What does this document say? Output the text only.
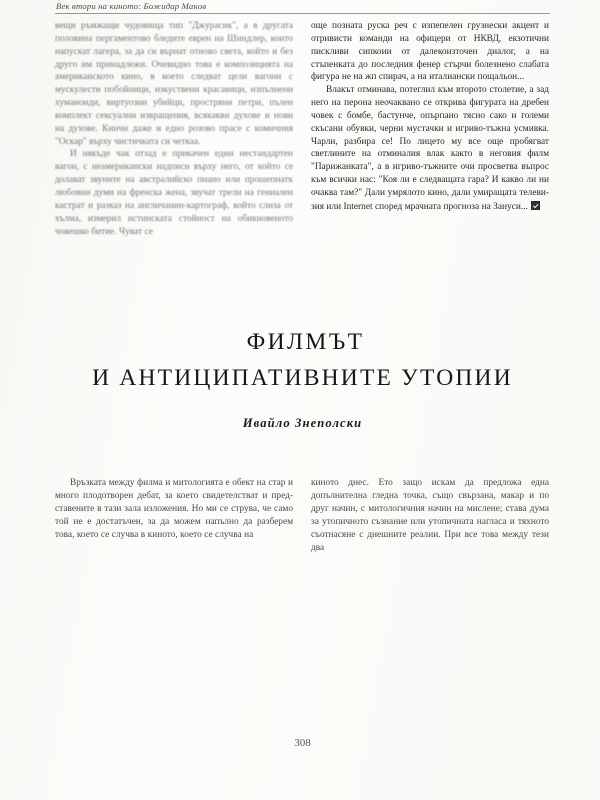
Век втори на киното: Божидар Манов

вещи ръмжащи чудовища тип "Джурасик", а в другата половина пергаментово бледите еврен на Шиндлер, които напускат лагера, за да си върнат отново света, който и без друго им принадлежи. Очевидно това е композицията на американското кино, в което следват цели вагони с мускулести побойници, изкуствени красавици, изпълнени хуманоиди, виртуозни убийци, простряни петри, пълен комплект сексуални извращения, всякакви духове и нови на духове. Кинчи даже и едно розово прасе с комичния "Оскар" върху чистичката си четкаа.

И някъде чак отзад е прикачен един нестандартен вагон, с неамерикански надписи върху него, от който се долават звуните на австралийско пиано или прошепнатк любовни думи на френска жена, звучат трели на гениален кастрат и разказ на англичанин-картограф, който слиза от хълма, измерил истинската стойност на обикновеното човешко битие. Чуват се

още позната руска реч с изпепелен грузнески акцент и отривисти команди на офицери от НКВД, екзотични пискливи сипкоии от далекоизточен диалог, а на стъпенката до последния фенер стърчи болезнено слабата фигура не на жп спирач, а на италиански пощальон...

Влакът отминава, потеглил към второто столетие, а зад него на перона неочаквано се открива фигурата на дребен човек с бомбе, бастунче, опърпано тясно сако и големи скъсани обувки, черни мустачки и игриво-тъжна усмивка. Чарли, разбира се! По лицето му все още пробягват светлините на отминалия влак както в неговия филм "Парижанката", а в игриво-тъжните очи просветва въпрос към всички нас: "Коя ли е следващата гара? И какво ли ни очаква там?" Дали умрялото кино, дали умиращата телевизия или Internet според мрачната прогноза на Зануси...

ФИЛМЪТ
И АНТИЦИПАТИВНИТЕ УТОПИИ
Ивайло Знеполски

Връзката между филма и митологията е обект на стар и много плодотворен дебат, за което свидетелстват и представените в тази зала изложения. Но ми се струва, че само той не е достатъчен, за да можем напълно да разберем това, което се случва в киното, което се случва на

киното днес. Ето защо искам да предложа една допълнителна гледна точка, също свързана, макар и по друг начин, с митологичния начин на мислене; става дума за утопичното съзнание или утопичната нагласа и тяхното съотнасяне с днешните реалии. При все това между тези два

308
